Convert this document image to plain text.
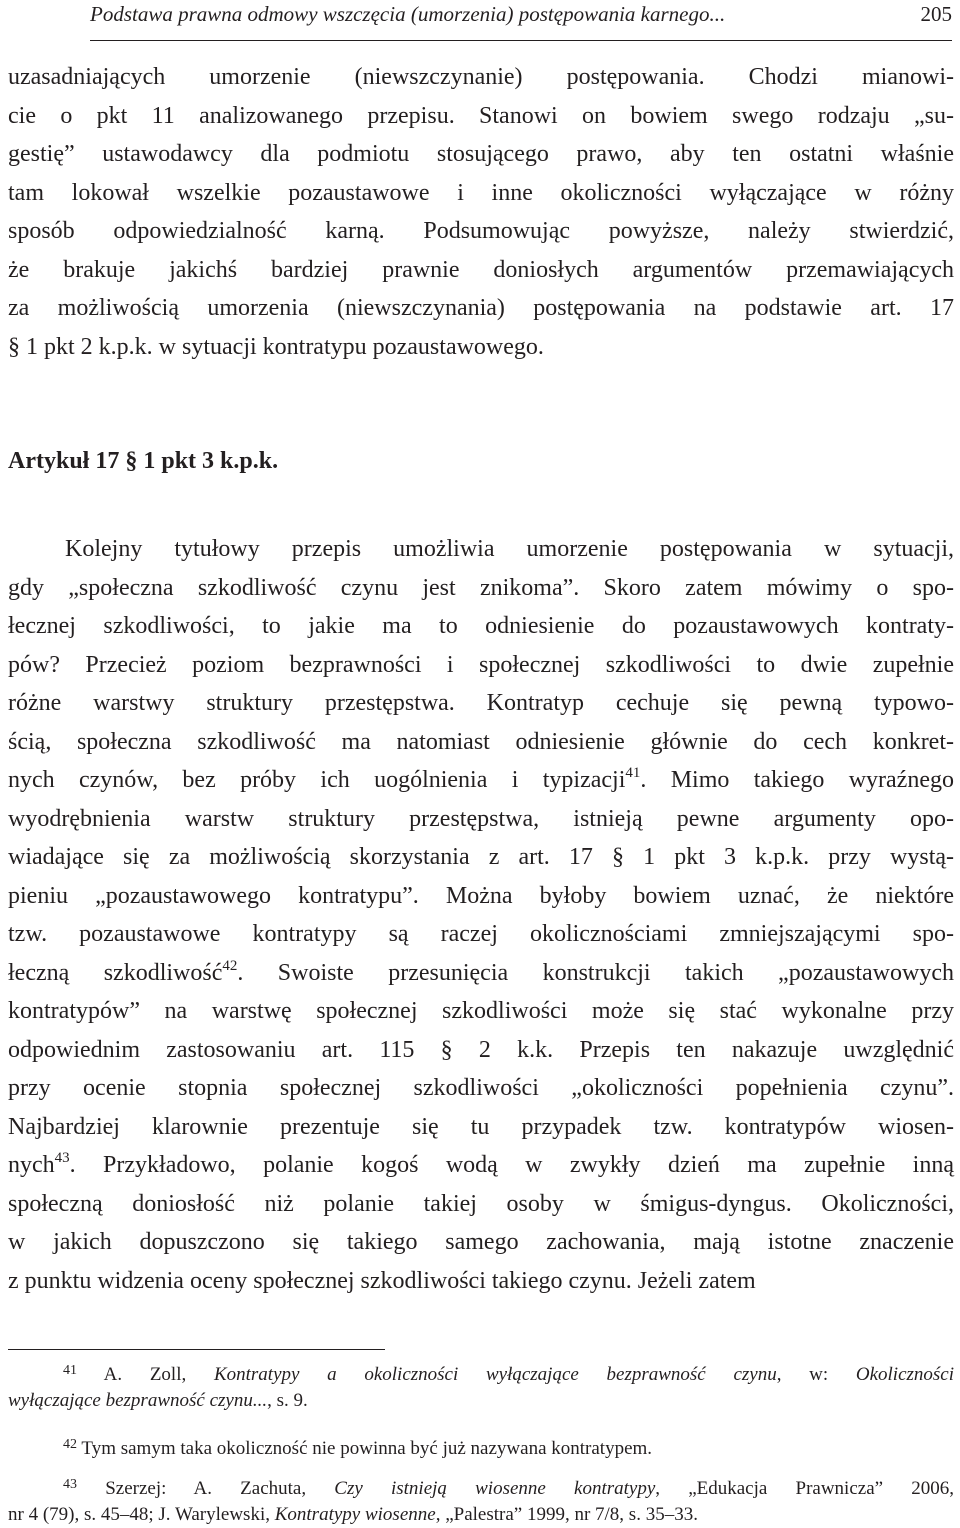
Podstawa prawna odmowy wszczęcia (umorzenia) postępowania karnego...	205
uzasadniających umorzenie (niewszczynanie) postępowania. Chodzi mianowi-
cie o pkt 11 analizowanego przepisu. Stanowi on bowiem swego rodzaju „su-
gestię” ustawodawcy dla podmiotu stosującego prawo, aby ten ostatni właśnie
tam lokował wszelkie pozaustawowe i inne okoliczności wyłączające w różny
sposób odpowiedzialność karną. Podsumowując powyższe, należy stwierdzić,
że brakuje jakichś bardziej prawnie doniosłych argumentów przemawiających
za możliwością umorzenia (niewszczynania) postępowania na podstawie art. 17
§ 1 pkt 2 k.p.k. w sytuacji kontratypu pozaustawowego.
Artykuł 17 § 1 pkt 3 k.p.k.
Kolejny tytułowy przepis umożliwia umorzenie postępowania w sytuacji,
gdy „społeczna szkodliwość czynu jest znikoma”. Skoro zatem mówimy o spo-
łecznej szkodliwości, to jakie ma to odniesienie do pozaustawowych kontraty-
pów? Przecież poziom bezprawności i społecznej szkodliwości to dwie zupełnie
różne warstwy struktury przestępstwa. Kontratyp cechuje się pewną typowo-
ścią, społeczna szkodliwość ma natomiast odniesienie głównie do cech konkret-
nych czynów, bez próby ich uogólnienia i typizacji$^{41}$. Mimo takiego wyraźnego
wyodrębnienia warstw struktury przestępstwa, istnieją pewne argumenty opo-
wiadające się za możliwością skorzystania z art. 17 § 1 pkt 3 k.p.k. przy wystą-
pieniu „pozaustawowego kontratypu”. Można byłoby bowiem uznać, że niektóre
tzw. pozaustawowe kontratypy są raczej okolicznościami zmniejszającymi spo-
łeczną szkodliwość$^{42}$. Swoiste przesunięcia konstrukcji takich „pozaustawowych
kontratypów” na warstwę społecznej szkodliwości może się stać wykonalne przy
odpowiednim zastosowaniu art. 115 § 2 k.k. Przepis ten nakazuje uwzględnić
przy ocenie stopnia społecznej szkodliwości „okoliczności popełnienia czynu”.
Najbardziej klarownie prezentuje się tu przypadek tzw. kontratypów wiosen-
nych$^{43}$. Przykładowo, polanie kogoś wodą w zwykły dzień ma zupełnie inną
społeczną doniosłość niż polanie takiej osoby w śmigus-dyngus. Okoliczności,
w jakich dopuszczono się takiego samego zachowania, mają istotne znaczenie
z punktu widzenia oceny społecznej szkodliwości takiego czynu. Jeżeli zatem
$^{41}$ A. Zoll, Kontratypy a okoliczności wyłączające bezprawność czynu, w: Okoliczności
wyłączające bezprawność czynu..., s. 9.
$^{42}$ Tym samym taka okoliczność nie powinna być już nazywana kontratypem.
$^{43}$ Szerzej: A. Zachuta, Czy istnieją wiosenne kontratypy, „Edukacja Prawnicza” 2006,
nr 4 (79), s. 45–48; J. Warylewski, Kontratypy wiosenne, „Palestra” 1999, nr 7/8, s. 35–33.
